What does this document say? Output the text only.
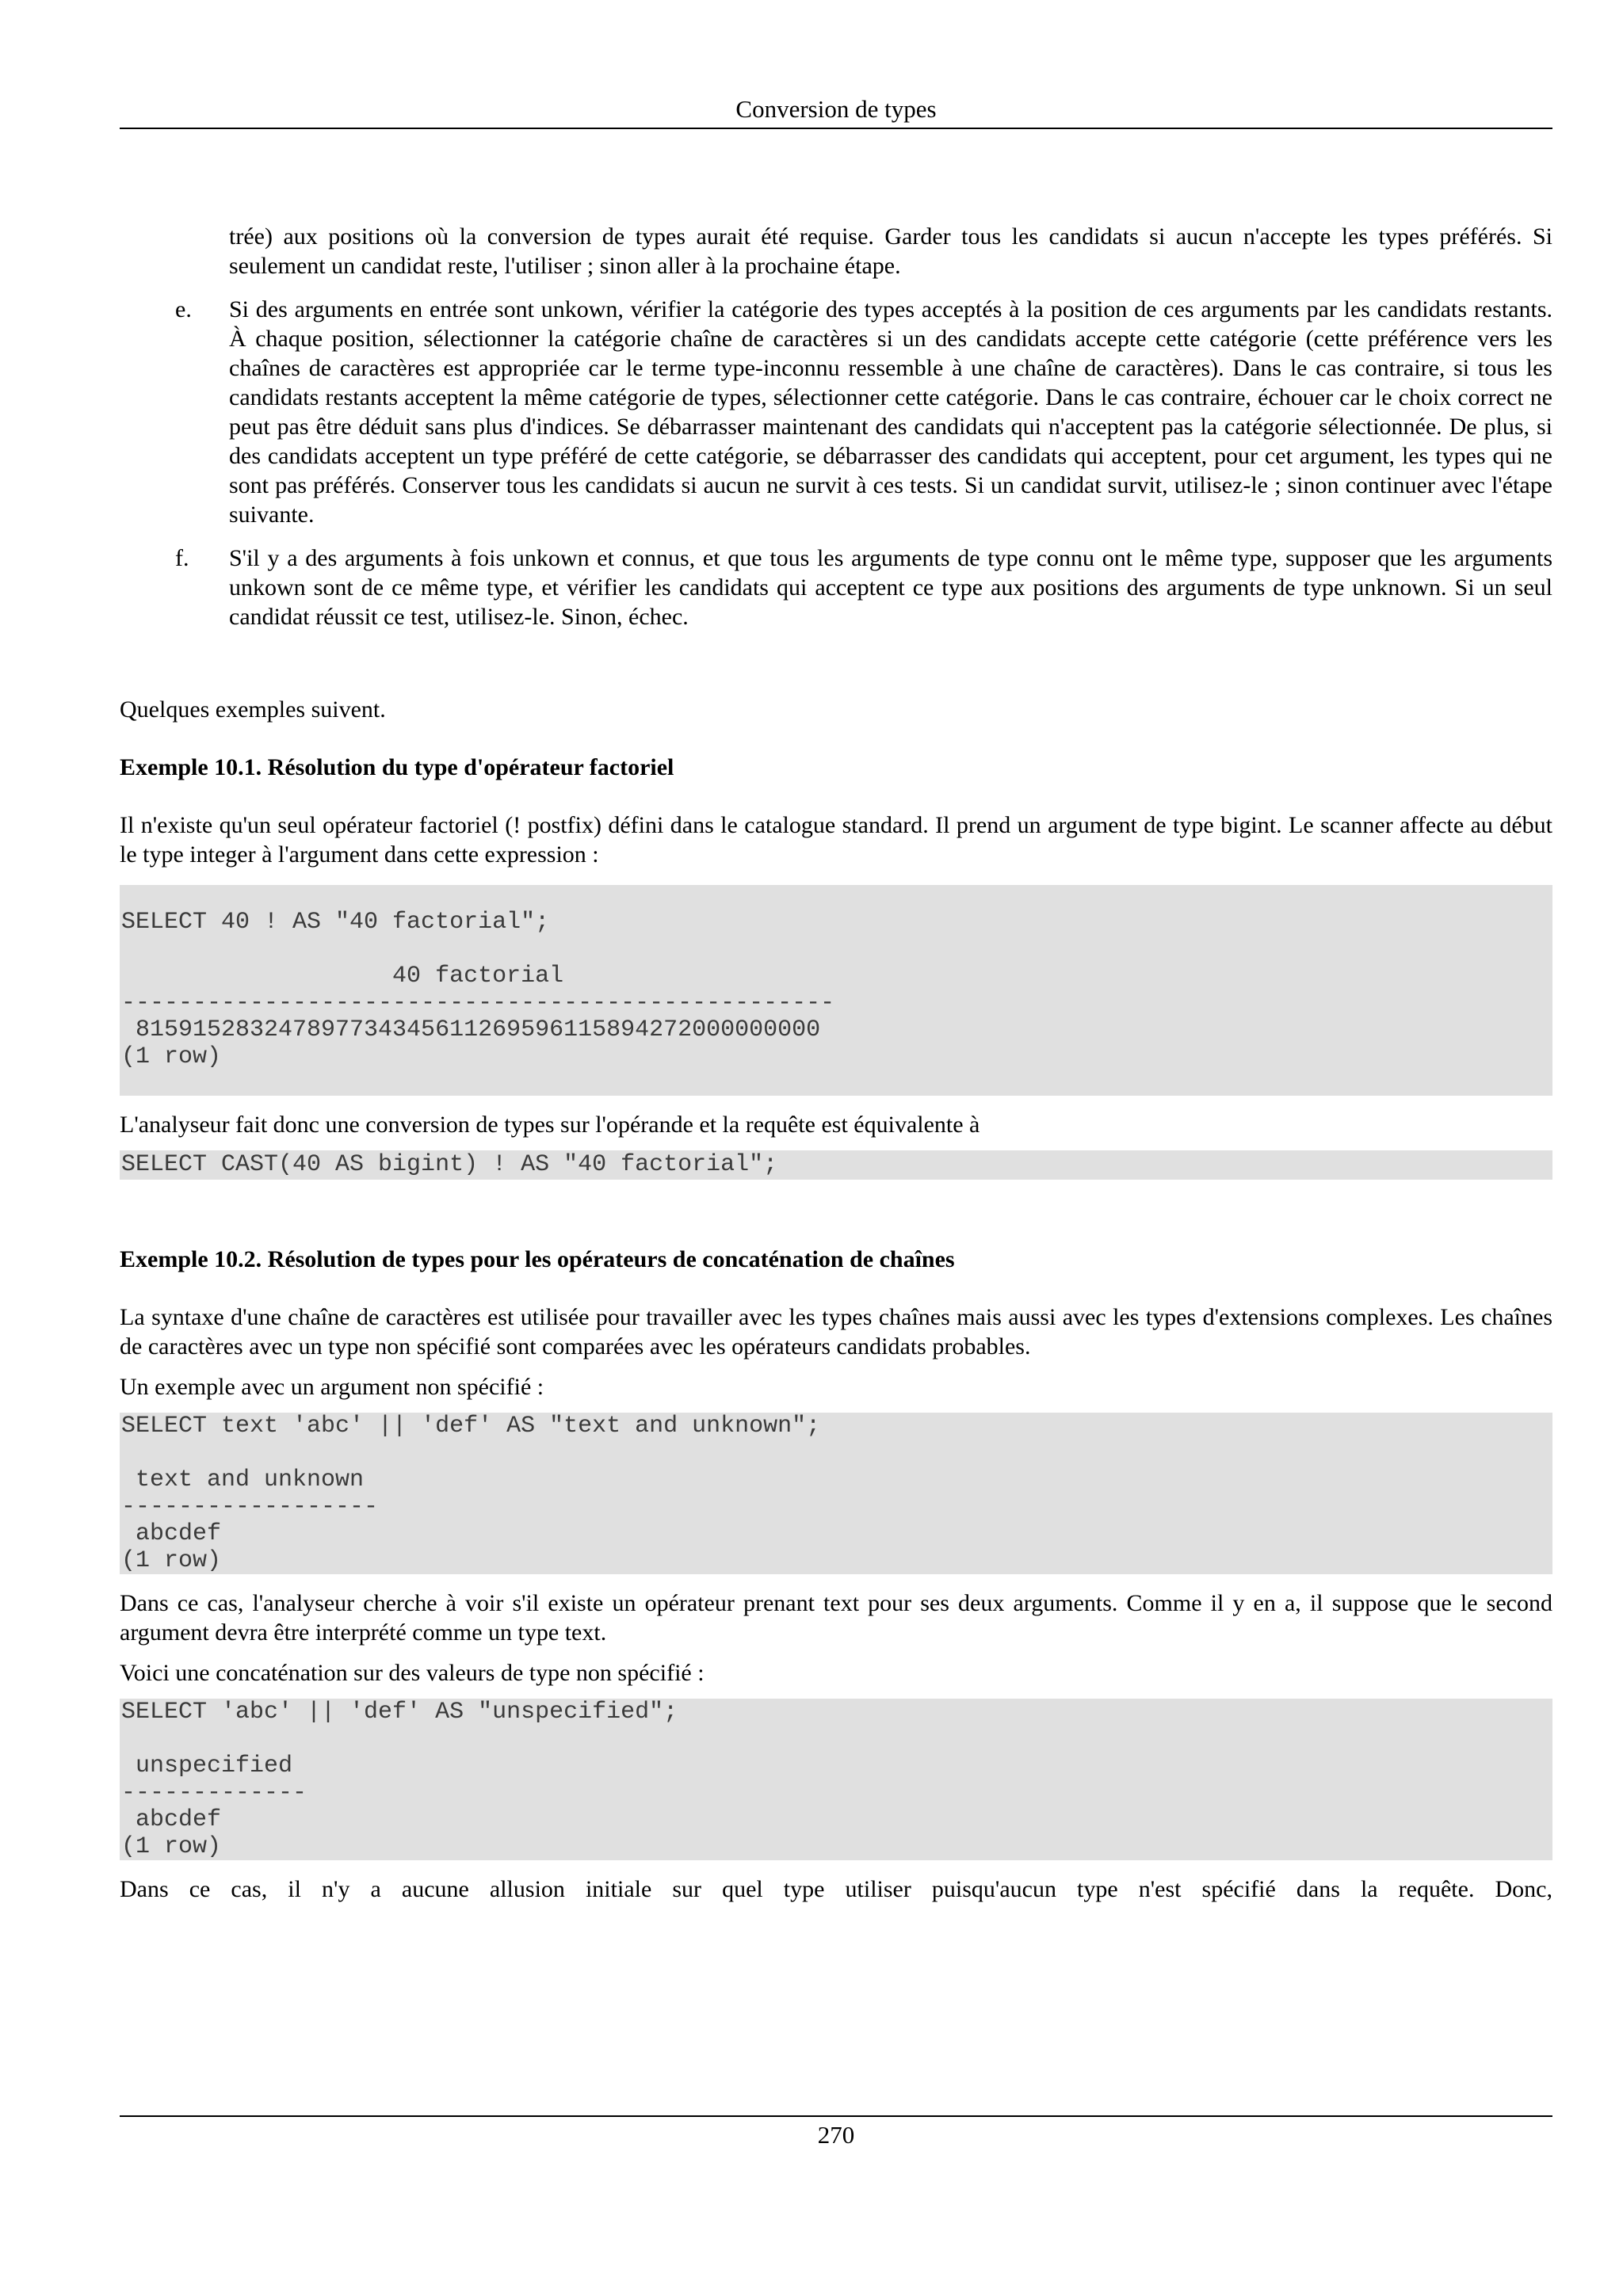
Conversion de types

trée) aux positions où la conversion de types aurait été requise. Garder tous les candidats si aucun n'accepte les types préférés. Si seulement un candidat reste, l'utiliser ; sinon aller à la prochaine étape.

e. Si des arguments en entrée sont unkown, vérifier la catégorie des types acceptés à la position de ces arguments par les candidats restants. À chaque position, sélectionner la catégorie chaîne de caractères si un des candidats accepte cette catégorie (cette préférence vers les chaînes de caractères est appropriée car le terme type-inconnu ressemble à une chaîne de caractères). Dans le cas contraire, si tous les candidats restants acceptent la même catégorie de types, sélectionner cette catégorie. Dans le cas contraire, échouer car le choix correct ne peut pas être déduit sans plus d'indices. Se débarrasser maintenant des candidats qui n'acceptent pas la catégorie sélectionnée. De plus, si des candidats acceptent un type préféré de cette catégorie, se débarrasser des candidats qui acceptent, pour cet argument, les types qui ne sont pas préférés. Conserver tous les candidats si aucun ne survit à ces tests. Si un candidat survit, utilisez-le ; sinon continuer avec l'étape suivante.

f. S'il y a des arguments à fois unkown et connus, et que tous les arguments de type connu ont le même type, supposer que les arguments unkown sont de ce même type, et vérifier les candidats qui acceptent ce type aux positions des arguments de type unknown. Si un seul candidat réussit ce test, utilisez-le. Sinon, échec.

Quelques exemples suivent.

Exemple 10.1. Résolution du type d'opérateur factoriel

Il n'existe qu'un seul opérateur factoriel (! postfix) défini dans le catalogue standard. Il prend un argument de type bigint. Le scanner affecte au début le type integer à l'argument dans cette expression :

SELECT 40 ! AS "40 factorial";

40 factorial
--------------------------------------------------
815915283247897734345611269596115894272000000000
(1 row)

L'analyseur fait donc une conversion de types sur l'opérande et la requête est équivalente à

SELECT CAST(40 AS bigint) ! AS "40 factorial";

Exemple 10.2. Résolution de types pour les opérateurs de concaténation de chaînes

La syntaxe d'une chaîne de caractères est utilisée pour travailler avec les types chaînes mais aussi avec les types d'extensions complexes. Les chaînes de caractères avec un type non spécifié sont comparées avec les opérateurs candidats probables.

Un exemple avec un argument non spécifié :

SELECT text 'abc' || 'def' AS "text and unknown";

text and unknown
------------------
abcdef
(1 row)

Dans ce cas, l'analyseur cherche à voir s'il existe un opérateur prenant text pour ses deux arguments. Comme il y en a, il suppose que le second argument devra être interprété comme un type text.

Voici une concaténation sur des valeurs de type non spécifié :

SELECT 'abc' || 'def' AS "unspecified";

unspecified
-------------
abcdef
(1 row)

Dans ce cas, il n'y a aucune allusion initiale sur quel type utiliser puisqu'aucun type n'est spécifié dans la requête. Donc,

270
